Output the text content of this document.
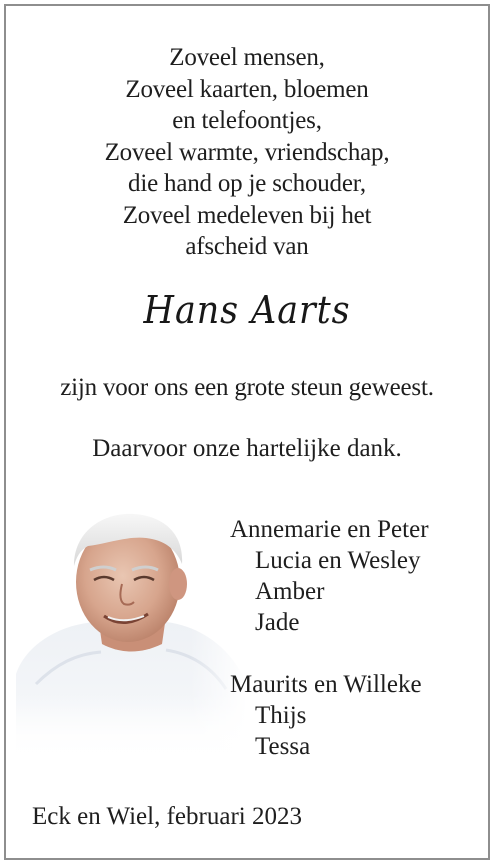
Zoveel mensen,
Zoveel kaarten, bloemen
en telefoontjes,
Zoveel warmte, vriendschap,
die hand op je schouder,
Zoveel medeleven bij het
afscheid van
Hans Aarts
zijn voor ons een grote steun geweest.
Daarvoor onze hartelijke dank.
Annemarie en Peter
Lucia en Wesley
Amber
Jade
Maurits en Willeke
Thijs
Tessa
Eck en Wiel, februari 2023
